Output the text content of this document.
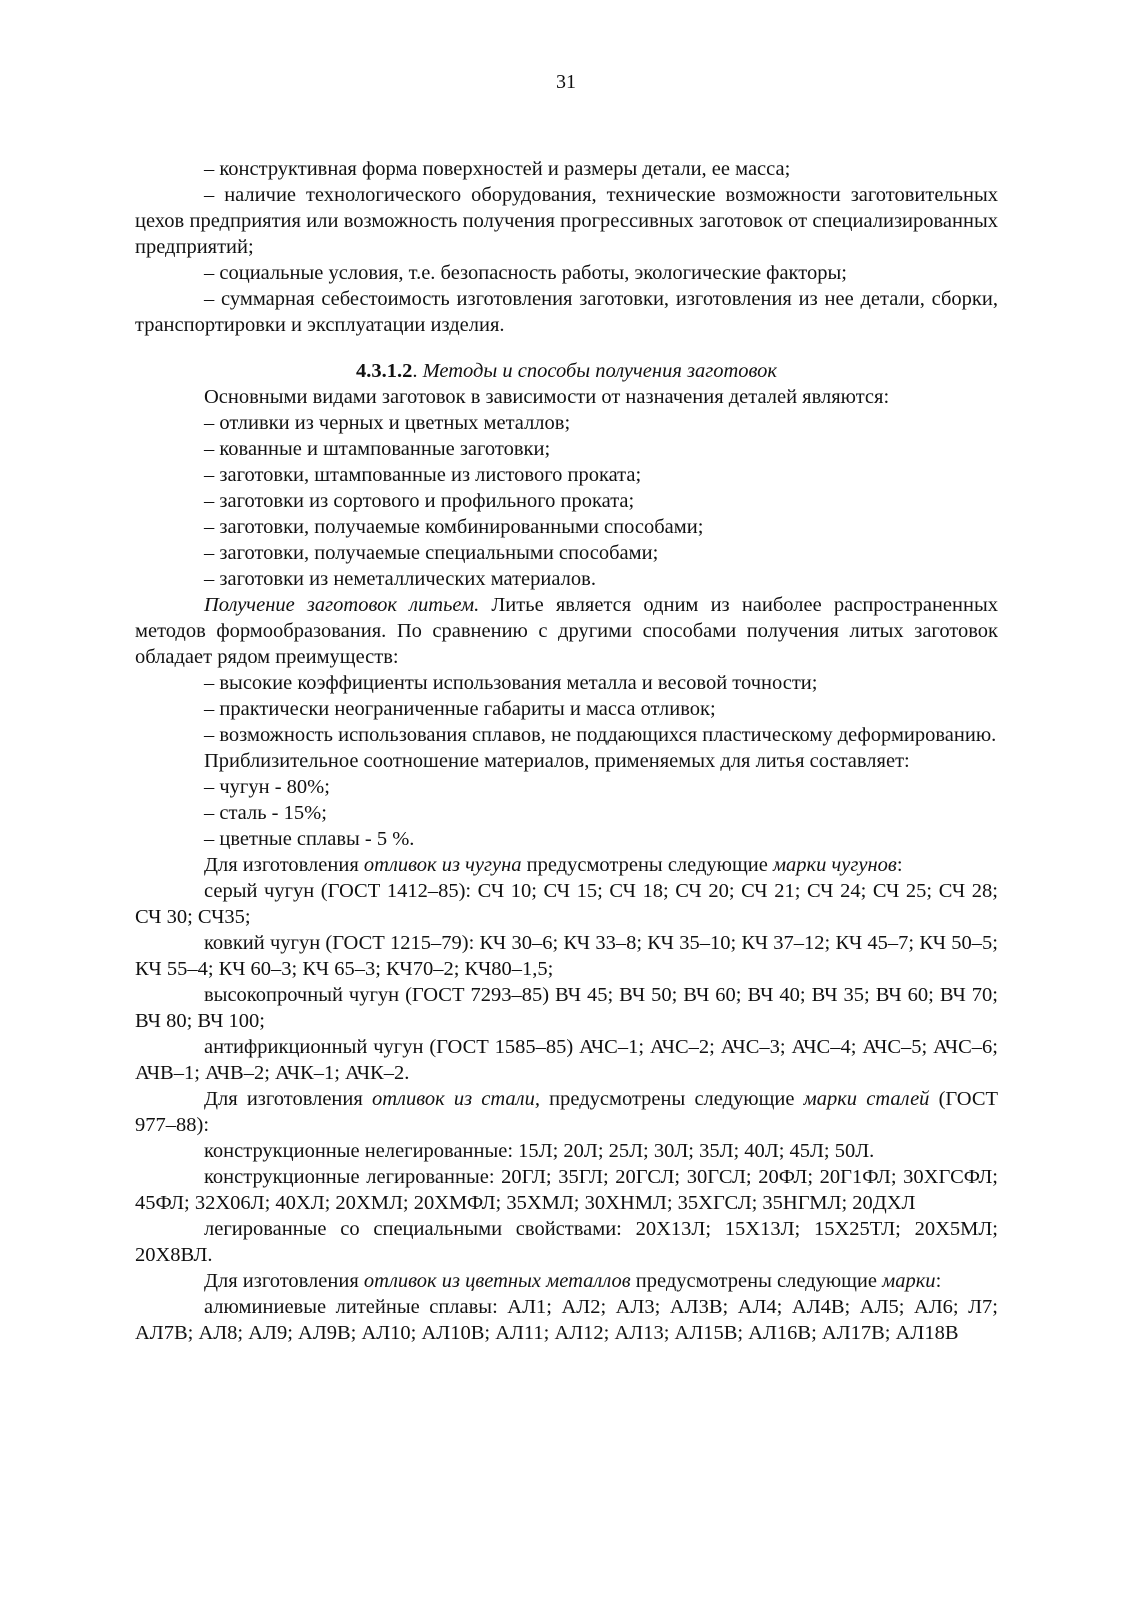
31

– конструктивная форма поверхностей и размеры детали, ее масса;

– наличие технологического оборудования, технические возможности заготовительных цехов предприятия или возможность получения прогрессивных заготовок от специализированных предприятий;

– социальные условия, т.е. безопасность работы, экологические факторы;

– суммарная себестоимость изготовления заготовки, изготовления из нее детали, сборки, транспортировки и эксплуатации изделия.

4.3.1.2. Методы и способы получения заготовок

Основными видами заготовок в зависимости от назначения деталей являются:

– отливки из черных и цветных металлов;

– кованные и штампованные заготовки;

– заготовки, штампованные из листового проката;

– заготовки из сортового и профильного проката;

– заготовки, получаемые комбинированными способами;

– заготовки, получаемые специальными способами;

– заготовки из неметаллических материалов.

Получение заготовок литьем. Литье является одним из наиболее распространенных методов формообразования. По сравнению с другими способами получения литых заготовок обладает рядом преимуществ:

– высокие коэффициенты использования металла и весовой точности;

– практически неограниченные габариты и масса отливок;

– возможность использования сплавов, не поддающихся пластическому деформированию.

Приблизительное соотношение материалов, применяемых для литья составляет:

– чугун - 80%;

– сталь - 15%;

– цветные сплавы - 5 %.

Для изготовления отливок из чугуна предусмотрены следующие марки чугунов:

серый чугун (ГОСТ 1412–85): СЧ 10; СЧ 15; СЧ 18; СЧ 20; СЧ 21; СЧ 24; СЧ 25; СЧ 28; СЧ 30; СЧ35;

ковкий чугун (ГОСТ 1215–79): КЧ 30–6; КЧ 33–8; КЧ 35–10; КЧ 37–12; КЧ 45–7; КЧ 50–5; КЧ 55–4; КЧ 60–3; КЧ 65–3; КЧ70–2; КЧ80–1,5;

высокопрочный чугун (ГОСТ 7293–85) ВЧ 45; ВЧ 50; ВЧ 60; ВЧ 40; ВЧ 35; ВЧ 60; ВЧ 70; ВЧ 80; ВЧ 100;

антифрикционный чугун (ГОСТ 1585–85) АЧС–1; АЧС–2; АЧС–3; АЧС–4; АЧС–5; АЧС–6; АЧВ–1; АЧВ–2; АЧК–1; АЧК–2.

Для изготовления отливок из стали, предусмотрены следующие марки сталей (ГОСТ 977–88):

конструкционные нелегированные: 15Л; 20Л; 25Л; 30Л; 35Л; 40Л; 45Л; 50Л.

конструкционные легированные: 20ГЛ; 35ГЛ; 20ГСЛ; 30ГСЛ; 20ФЛ; 20Г1ФЛ; 30ХГСФЛ; 45ФЛ; 32Х06Л; 40ХЛ; 20ХМЛ; 20ХМФЛ; 35ХМЛ; 30ХНМЛ; 35ХГСЛ; 35НГМЛ; 20ДХЛ

легированные со специальными свойствами: 20Х13Л; 15Х13Л; 15Х25ТЛ; 20Х5МЛ; 20Х8ВЛ.

Для изготовления отливок из цветных металлов предусмотрены следующие марки:

алюминиевые литейные сплавы: АЛ1; АЛ2; АЛ3; АЛ3В; АЛ4; АЛ4В; АЛ5; АЛ6; Л7; АЛ7В; АЛ8; АЛ9; АЛ9В; АЛ10; АЛ10В; АЛ11; АЛ12; АЛ13; АЛ15В; АЛ16В; АЛ17В; АЛ18В
